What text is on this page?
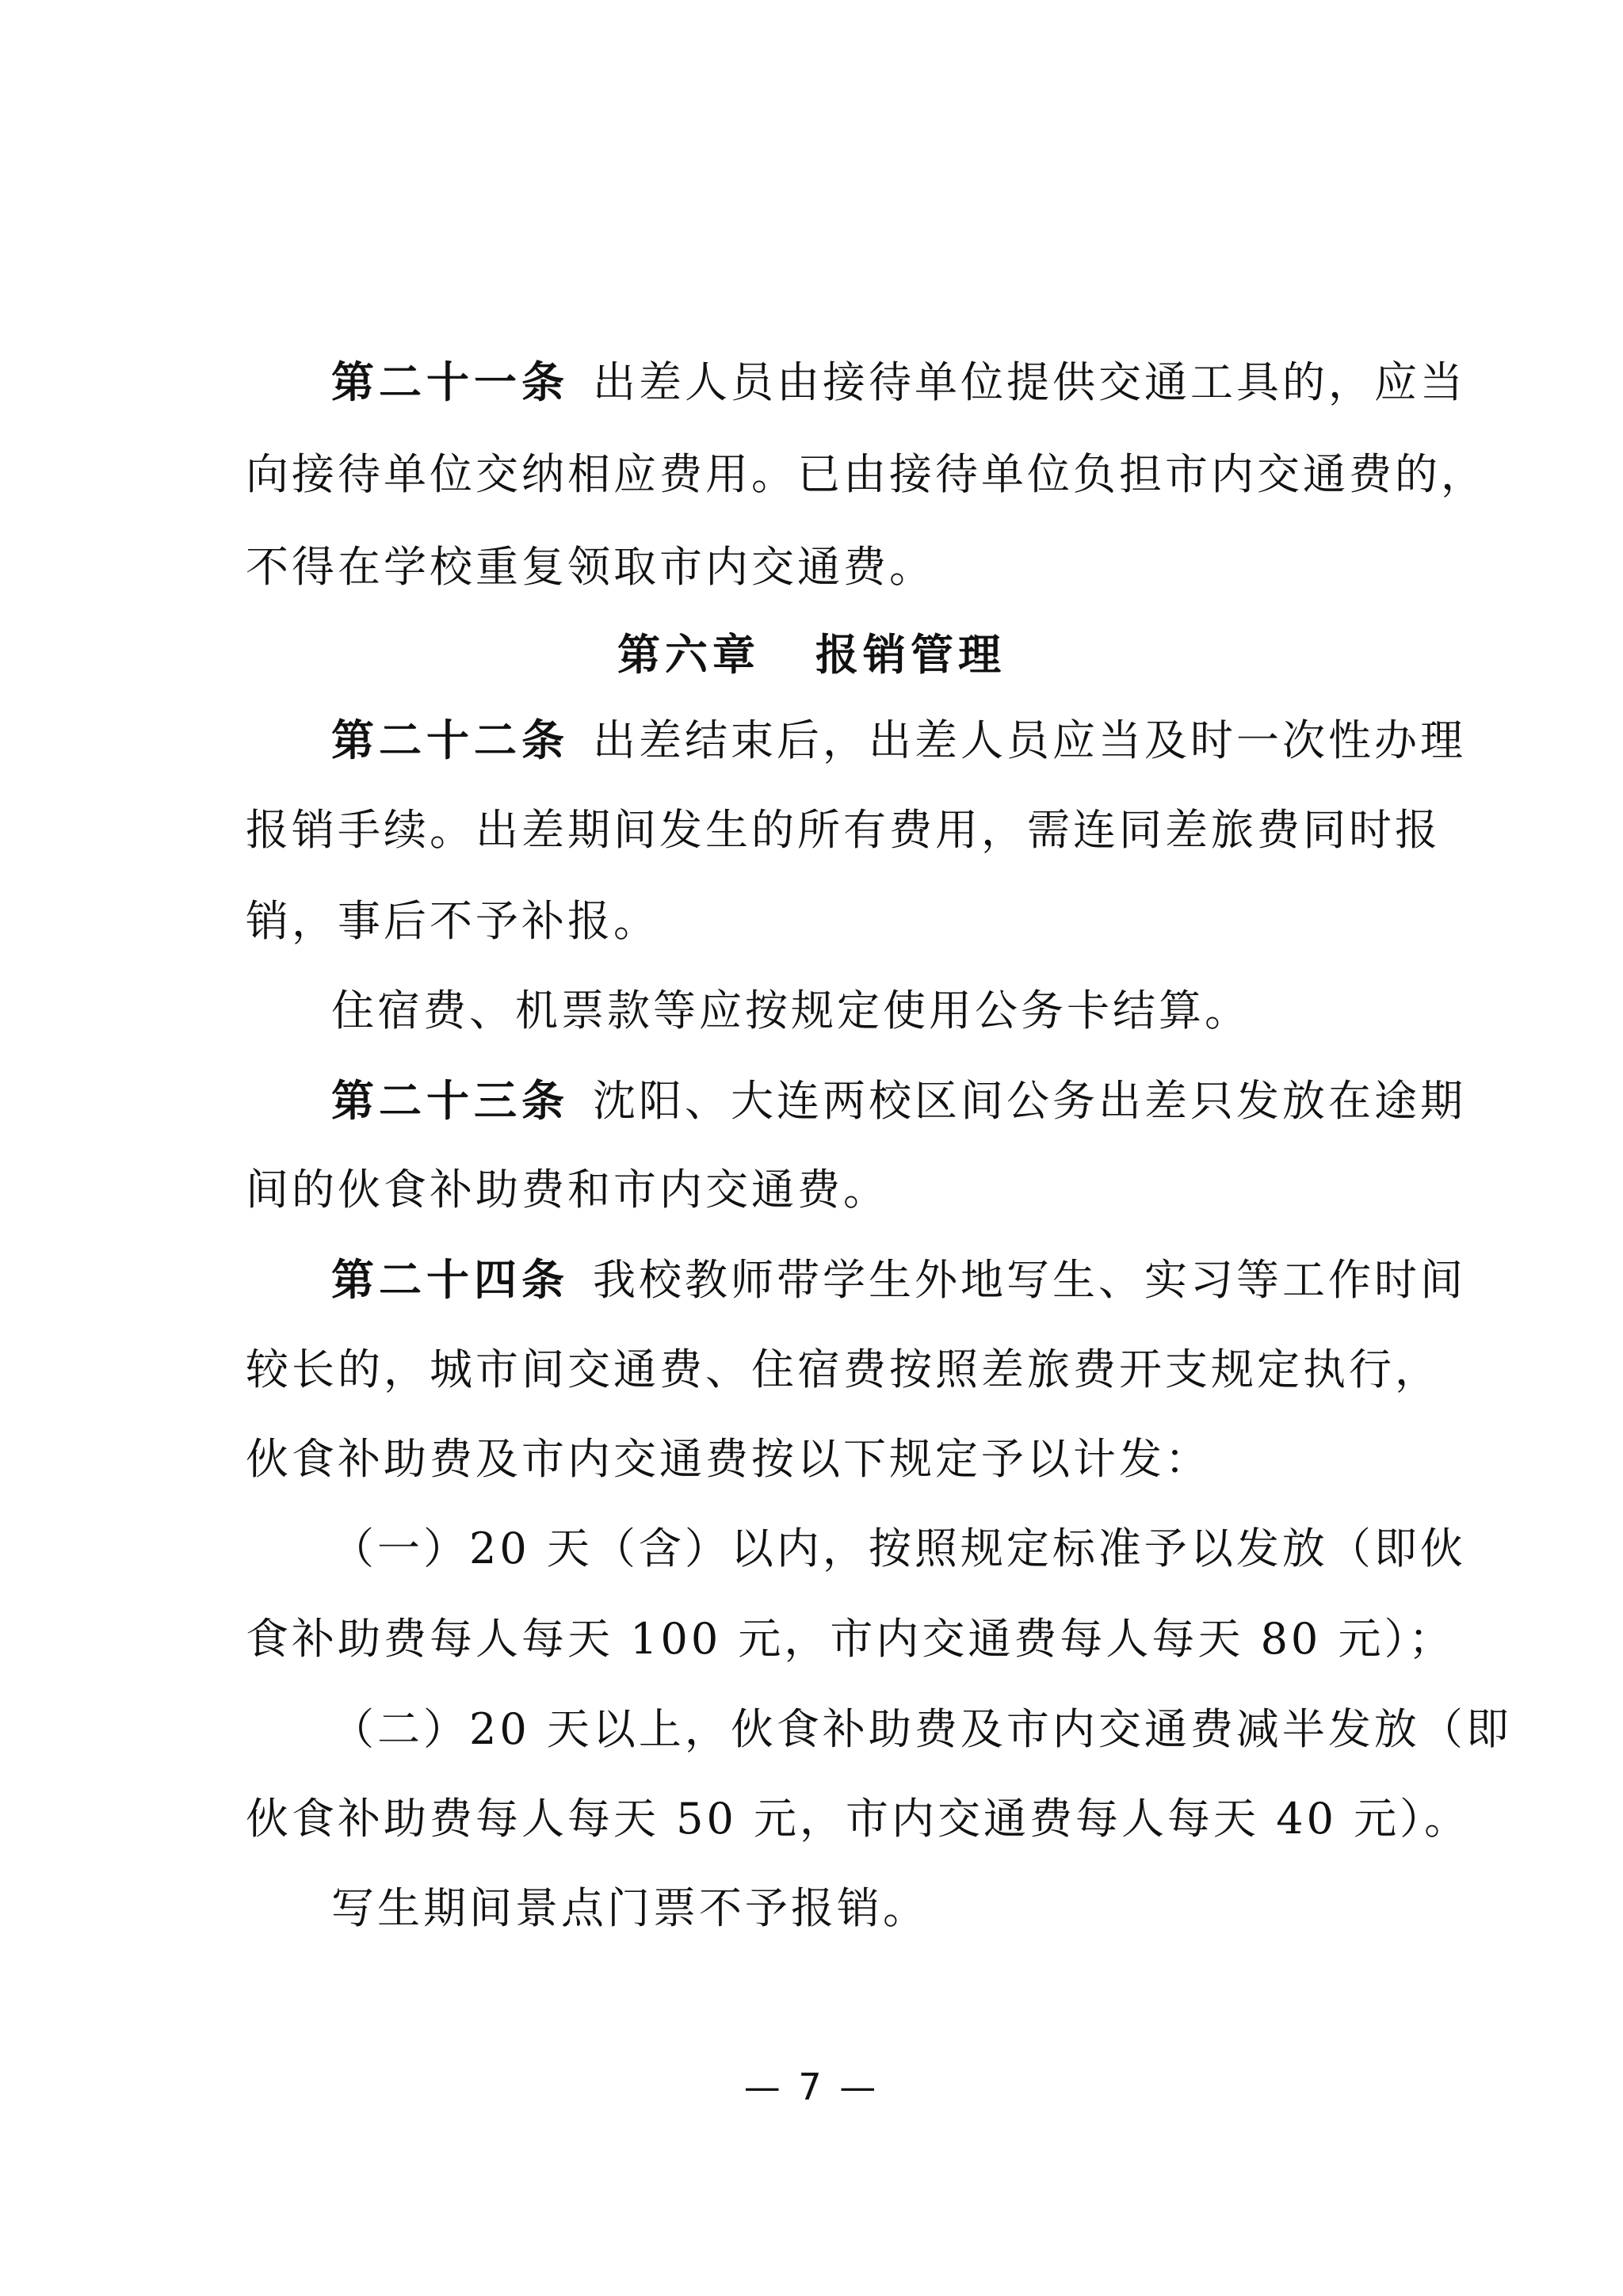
第二十一条 出差人员由接待单位提供交通工具的，应当
向接待单位交纳相应费用。已由接待单位负担市内交通费的，
不得在学校重复领取市内交通费。
第六章 报销管理
第二十二条 出差结束后，出差人员应当及时一次性办理
报销手续。出差期间发生的所有费用，需连同差旅费同时报
销，事后不予补报。
住宿费、机票款等应按规定使用公务卡结算。
第二十三条 沈阳、大连两校区间公务出差只发放在途期
间的伙食补助费和市内交通费。
第二十四条 我校教师带学生外地写生、实习等工作时间
较长的，城市间交通费、住宿费按照差旅费开支规定执行，
伙食补助费及市内交通费按以下规定予以计发：
（一）20 天（含）以内，按照规定标准予以发放（即伙
食补助费每人每天 100 元，市内交通费每人每天 80 元）；
（二）20 天以上，伙食补助费及市内交通费减半发放（即
伙食补助费每人每天 50 元，市内交通费每人每天 40 元）。
写生期间景点门票不予报销。
— 7 —
